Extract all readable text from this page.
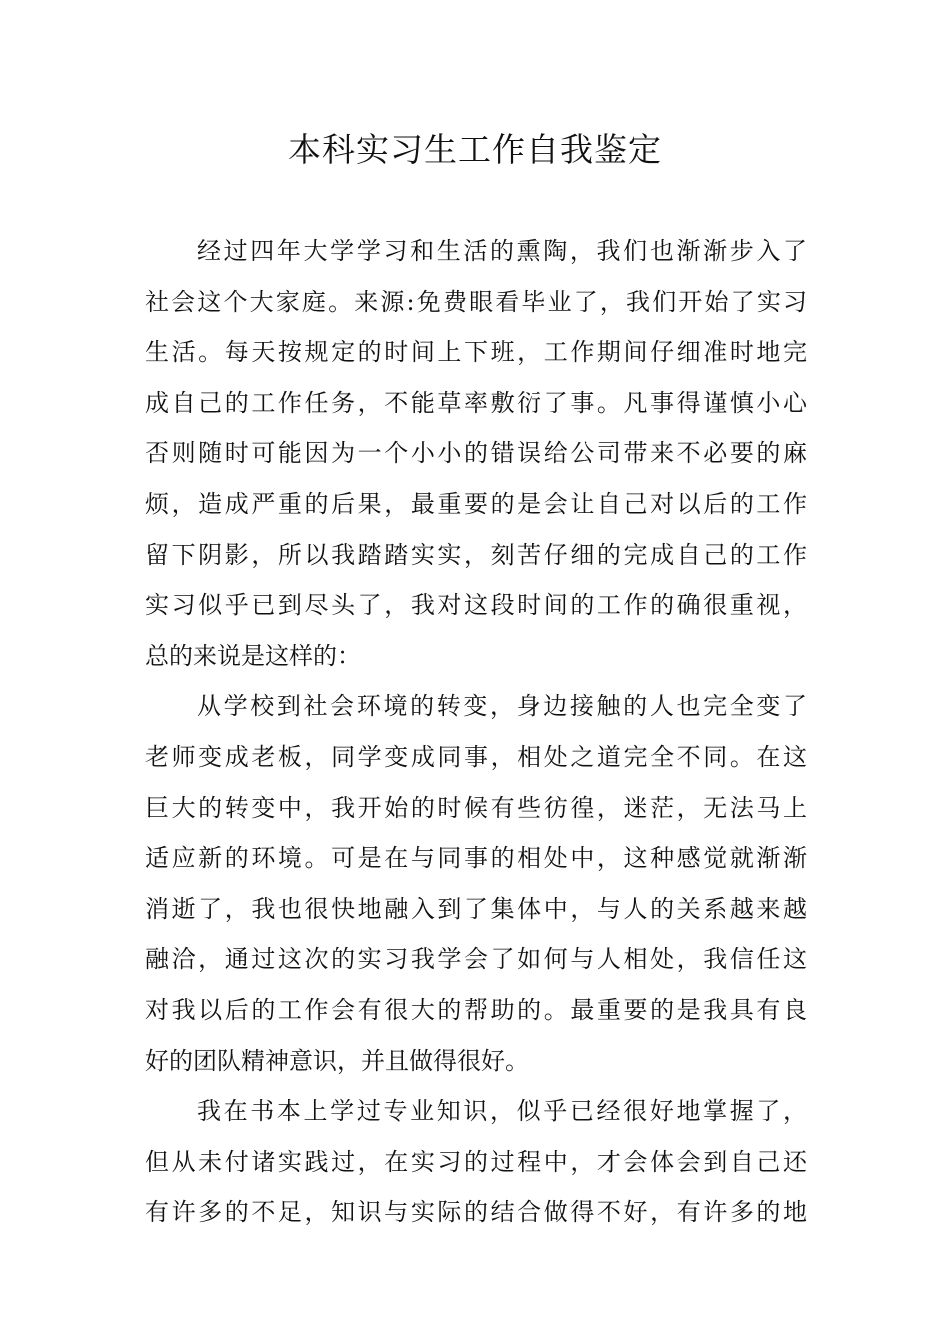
本科实习生工作自我鉴定
经过四年大学学习和生活的熏陶，我们也渐渐步入了
社会这个大家庭。来源:免费眼看毕业了，我们开始了实习
生活。每天按规定的时间上下班，工作期间仔细准时地完
成自己的工作任务，不能草率敷衍了事。凡事得谨慎小心
否则随时可能因为一个小小的错误给公司带来不必要的麻
烦，造成严重的后果，最重要的是会让自己对以后的工作
留下阴影，所以我踏踏实实，刻苦仔细的完成自己的工作
实习似乎已到尽头了，我对这段时间的工作的确很重视，
总的来说是这样的：
从学校到社会环境的转变，身边接触的人也完全变了
老师变成老板，同学变成同事，相处之道完全不同。在这
巨大的转变中，我开始的时候有些彷徨，迷茫，无法马上
适应新的环境。可是在与同事的相处中，这种感觉就渐渐
消逝了，我也很快地融入到了集体中，与人的关系越来越
融洽，通过这次的实习我学会了如何与人相处，我信任这
对我以后的工作会有很大的帮助的。最重要的是我具有良
好的团队精神意识，并且做得很好。
我在书本上学过专业知识，似乎已经很好地掌握了，
但从未付诸实践过，在实习的过程中，才会体会到自己还
有许多的不足，知识与实际的结合做得不好，有许多的地
